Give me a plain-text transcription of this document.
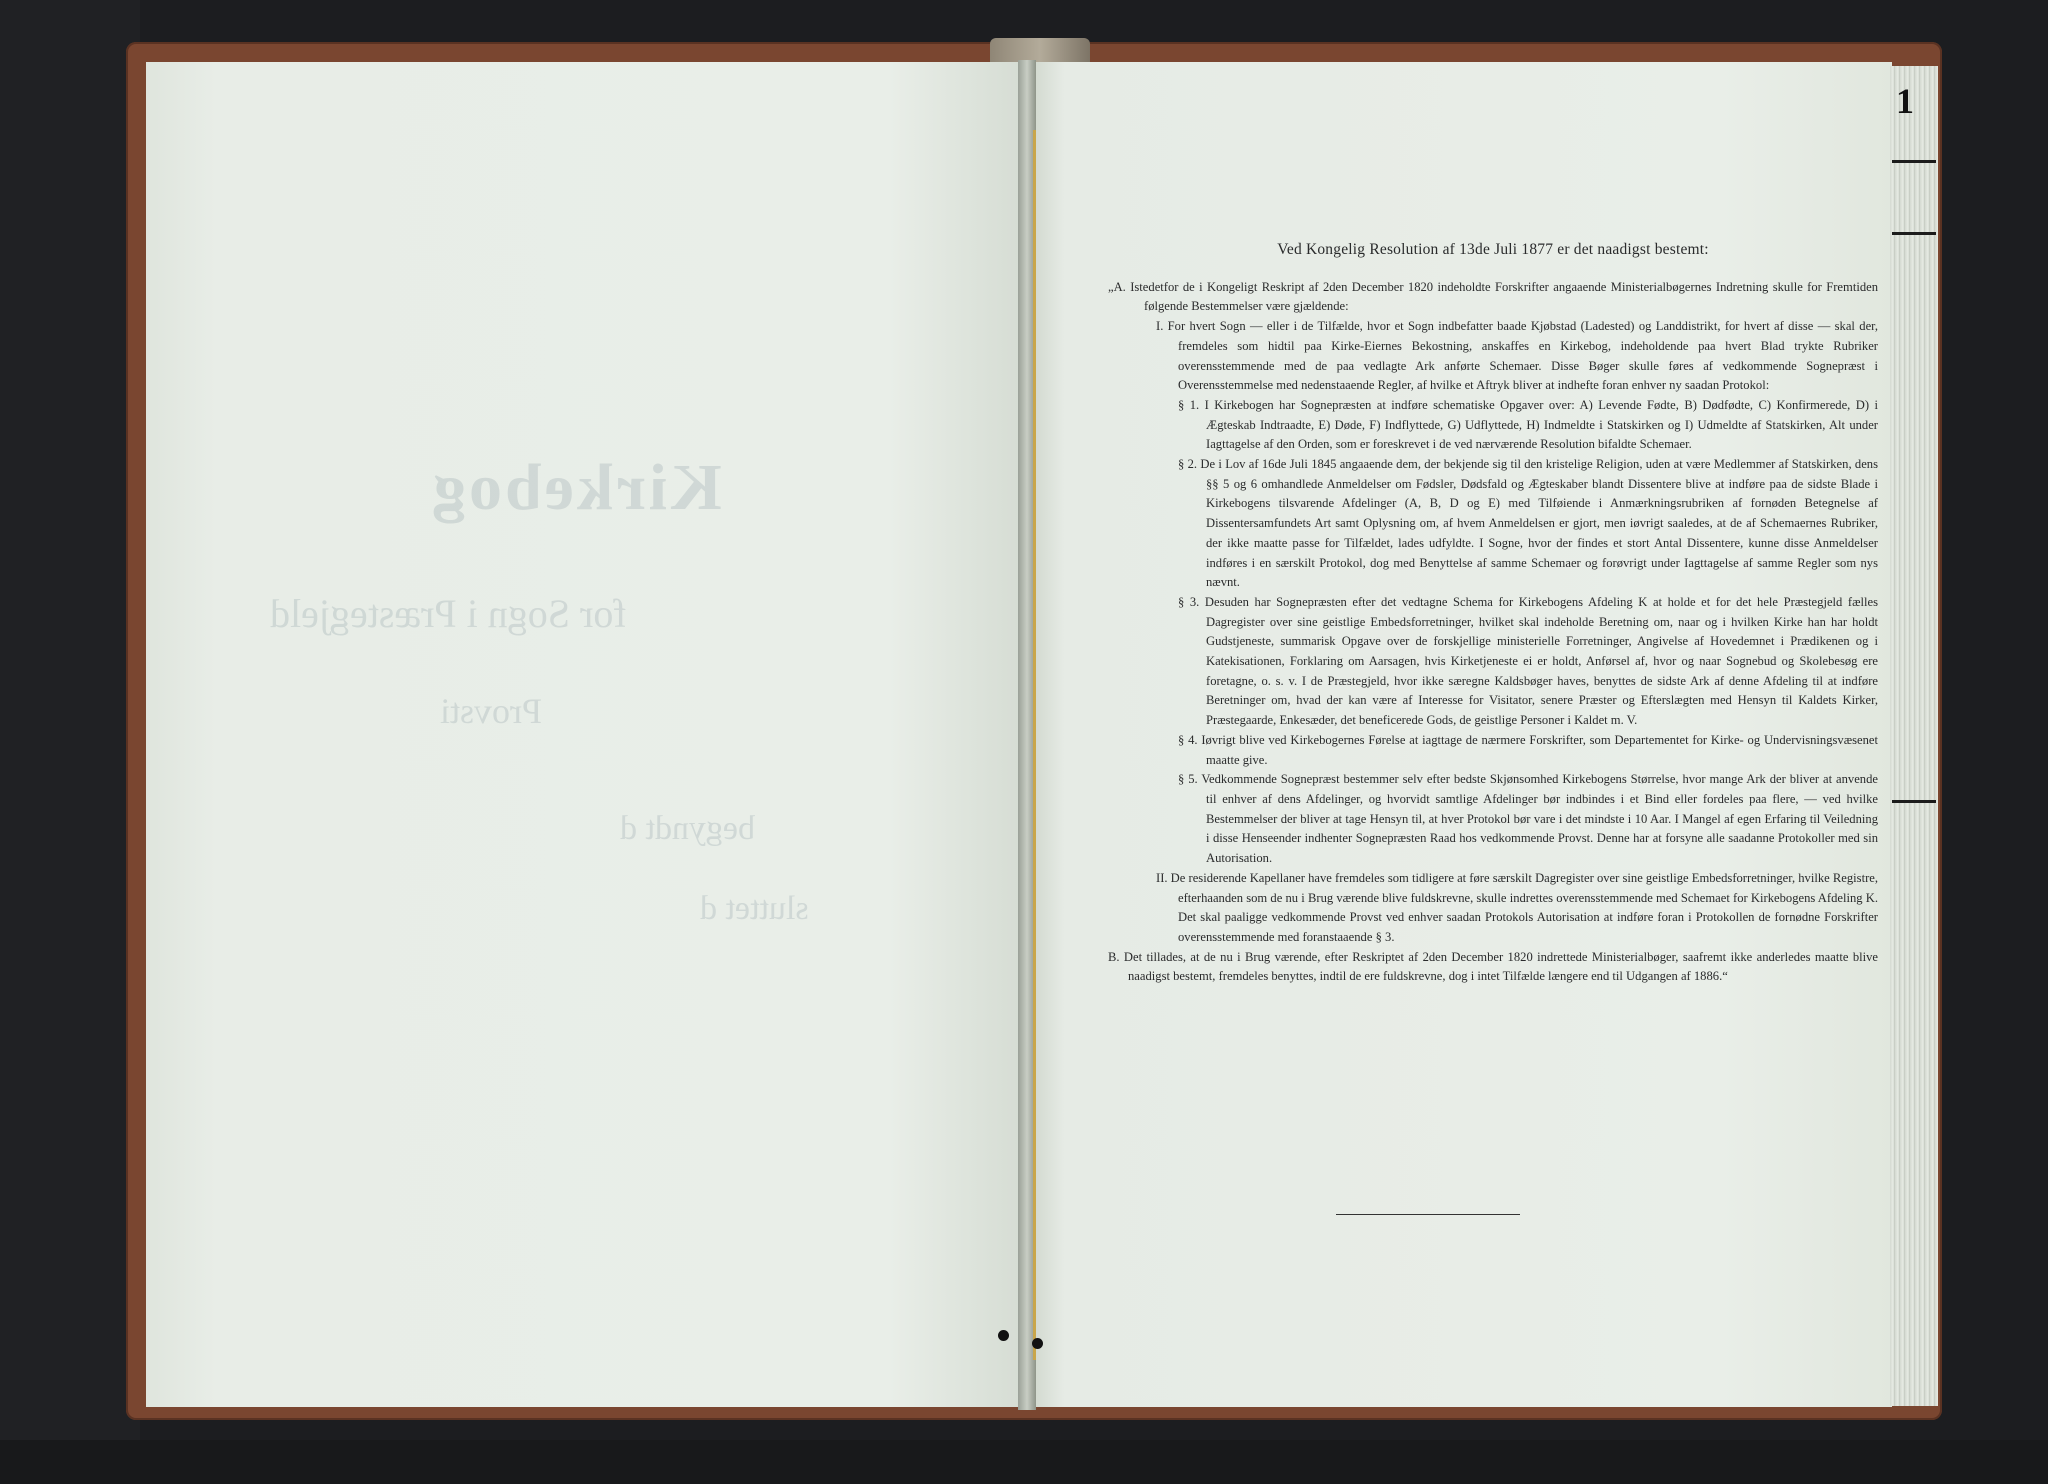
1
Kirkebog
for Sogn i Præstegjeld
Provsti
begyndt d
sluttet d
Ved Kongelig Resolution af 13de Juli 1877 er det naadigst bestemt:

„A. Istedetfor de i Kongeligt Reskript af 2den December 1820 indeholdte Forskrifter angaaende Ministerialbøgernes Indretning skulle for Fremtiden følgende Bestemmelser være gjældende:

I. For hvert Sogn — eller i de Tilfælde, hvor et Sogn indbefatter baade Kjøbstad (Ladested) og Landdistrikt, for hvert af disse — skal der, fremdeles som hidtil paa Kirke-Eiernes Bekostning, anskaffes en Kirkebog, indeholdende paa hvert Blad trykte Rubriker overensstemmende med de paa vedlagte Ark anførte Schemaer. Disse Bøger skulle føres af vedkommende Sognepræst i Overensstemmelse med nedenstaaende Regler, af hvilke et Aftryk bliver at indhefte foran enhver ny saadan Protokol:
§ 1. I Kirkebogen har Sognepræsten at indføre schematiske Opgaver over: A) Levende Fødte, B) Dødfødte, C) Konfirmerede, D) i Ægteskab Indtraadte, E) Døde, F) Indflyttede, G) Udflyttede, H) Indmeldte i Statskirken og I) Udmeldte af Statskirken, Alt under Iagttagelse af den Orden, som er foreskrevet i de ved nærværende Resolution bifaldte Schemaer.
§ 2. De i Lov af 16de Juli 1845 angaaende dem, der bekjende sig til den kristelige Religion, uden at være Medlemmer af Statskirken, dens §§ 5 og 6 omhandlede Anmeldelser om Fødsler, Dødsfald og Ægteskaber blandt Dissentere blive at indføre paa de sidste Blade i Kirkebogens tilsvarende Afdelinger (A, B, D og E) med Tilføiende i Anmærkningsrubriken af fornøden Betegnelse af Dissentersamfundets Art samt Oplysning om, af hvem Anmeldelsen er gjort, men iøvrigt saaledes, at de af Schemaernes Rubriker, der ikke maatte passe for Tilfældet, lades udfyldte. I Sogne, hvor der findes et stort Antal Dissentere, kunne disse Anmeldelser indføres i en særskilt Protokol, dog med Benyttelse af samme Schemaer og forøvrigt under Iagttagelse af samme Regler som nys nævnt.
§ 3. Desuden har Sognepræsten efter det vedtagne Schema for Kirkebogens Afdeling K at holde et for det hele Præstegjeld fælles Dagregister over sine geistlige Embedsforretninger, hvilket skal indeholde Beretning om, naar og i hvilken Kirke han har holdt Gudstjeneste, summarisk Opgave over de forskjellige ministerielle Forretninger, Angivelse af Hovedemnet i Prædikenen og i Katekisationen, Forklaring om Aarsagen, hvis Kirketjeneste ei er holdt, Anførsel af, hvor og naar Sognebud og Skolebesøg ere foretagne, o. s. v. I de Præstegjeld, hvor ikke særegne Kaldsbøger haves, benyttes de sidste Ark af denne Afdeling til at indføre Beretninger om, hvad der kan være af Interesse for Visitator, senere Præster og Efterslægten med Hensyn til Kaldets Kirker, Præstegaarde, Enkesæder, det beneficerede Gods, de geistlige Personer i Kaldet m. V.
§ 4. Iøvrigt blive ved Kirkebogernes Førelse at iagttage de nærmere Forskrifter, som Departementet for Kirke- og Undervisningsvæsenet maatte give.
§ 5. Vedkommende Sognepræst bestemmer selv efter bedste Skjønsomhed Kirkebogens Størrelse, hvor mange Ark der bliver at anvende til enhver af dens Afdelinger, og hvorvidt samtlige Afdelinger bør indbindes i et Bind eller fordeles paa flere, — ved hvilke Bestemmelser der bliver at tage Hensyn til, at hver Protokol bør vare i det mindste i 10 Aar. I Mangel af egen Erfaring til Veiledning i disse Henseender indhenter Sognepræsten Raad hos vedkommende Provst. Denne har at forsyne alle saadanne Protokoller med sin Autorisation.
II. De residerende Kapellaner have fremdeles som tidligere at føre særskilt Dagregister over sine geistlige Embedsforretninger, hvilke Registre, efterhaanden som de nu i Brug værende blive fuldskrevne, skulle indrettes overensstemmende med Schemaet for Kirkebogens Afdeling K. Det skal paaligge vedkommende Provst ved enhver saadan Protokols Autorisation at indføre foran i Protokollen de fornødne Forskrifter overensstemmende med foranstaaende § 3.
B. Det tillades, at de nu i Brug værende, efter Reskriptet af 2den December 1820 indrettede Ministerialbøger, saafremt ikke anderledes maatte blive naadigst bestemt, fremdeles benyttes, indtil de ere fuldskrevne, dog i intet Tilfælde længere end til Udgangen af 1886.“
